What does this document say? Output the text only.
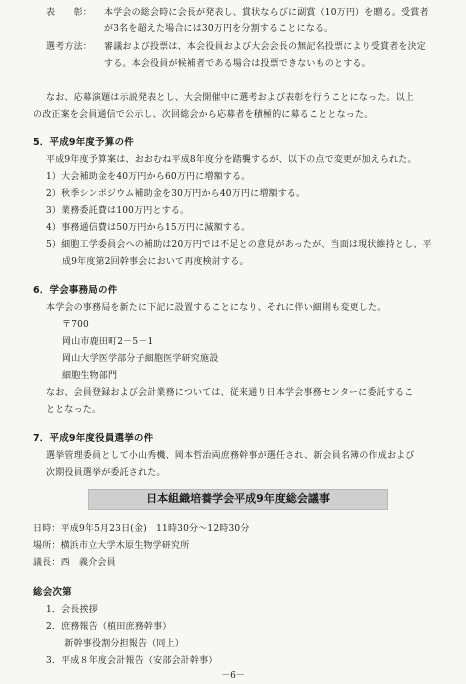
表　　彰： 本学会の総会時に会長が発表し、賞状ならびに副賞（10万円）を贈る。受賞者
が3名を超えた場合には30万円を分割することになる。
選考方法： 審議および投票は、本会役員および大会会長の無記名投票により受賞者を決定
する。本会役員が候補者である場合は投票できないものとする。
なお、応募演題は示説発表とし、大会開催中に選考および表彰を行うことになった。以上
の改正案を会員通信で公示し、次回総会から応募者を積極的に募ることとなった。
5．平成9年度予算の件
平成9年度予算案は、おおむね平成8年度分を踏襲するが、以下の点で変更が加えられた。
1）大会補助金を40万円から60万円に増額する。
2）秋季シンポジウム補助金を30万円から40万円に増額する。
3）業務委託費は100万円とする。
4）事務通信費は50万円から15万円に減額する。
5）細胞工学委員会への補助は20万円では不足との意見があったが、当面は現状維持とし、平
成9年度第2回幹事会において再度検討する。
6．学会事務局の件
本学会の事務局を新たに下記に設置することになり、それに伴い細則も変更した。
〒700
岡山市鹿田町2－5－1
岡山大学医学部分子細胞医学研究施設
細胞生物部門
なお、会員登録および会計業務については、従来通り日本学会事務センターに委託するこ
ととなった。
7．平成9年度役員選挙の件
選挙管理委員として小山秀機、岡本哲治両庶務幹事が選任され、新会員名簿の作成および
次期役員選挙が委託された。
日本組織培養学会平成9年度総会議事
日時：平成9年5月23日(金)　11時30分～12時30分
場所：横浜市立大学木原生物学研究所
議長：西　義介会員
総会次第
1．会長挨拶
2．庶務報告（植田庶務幹事）
　　新幹事役割分担報告（同上）
3．平成８年度会計報告（安部会計幹事）
－6－
